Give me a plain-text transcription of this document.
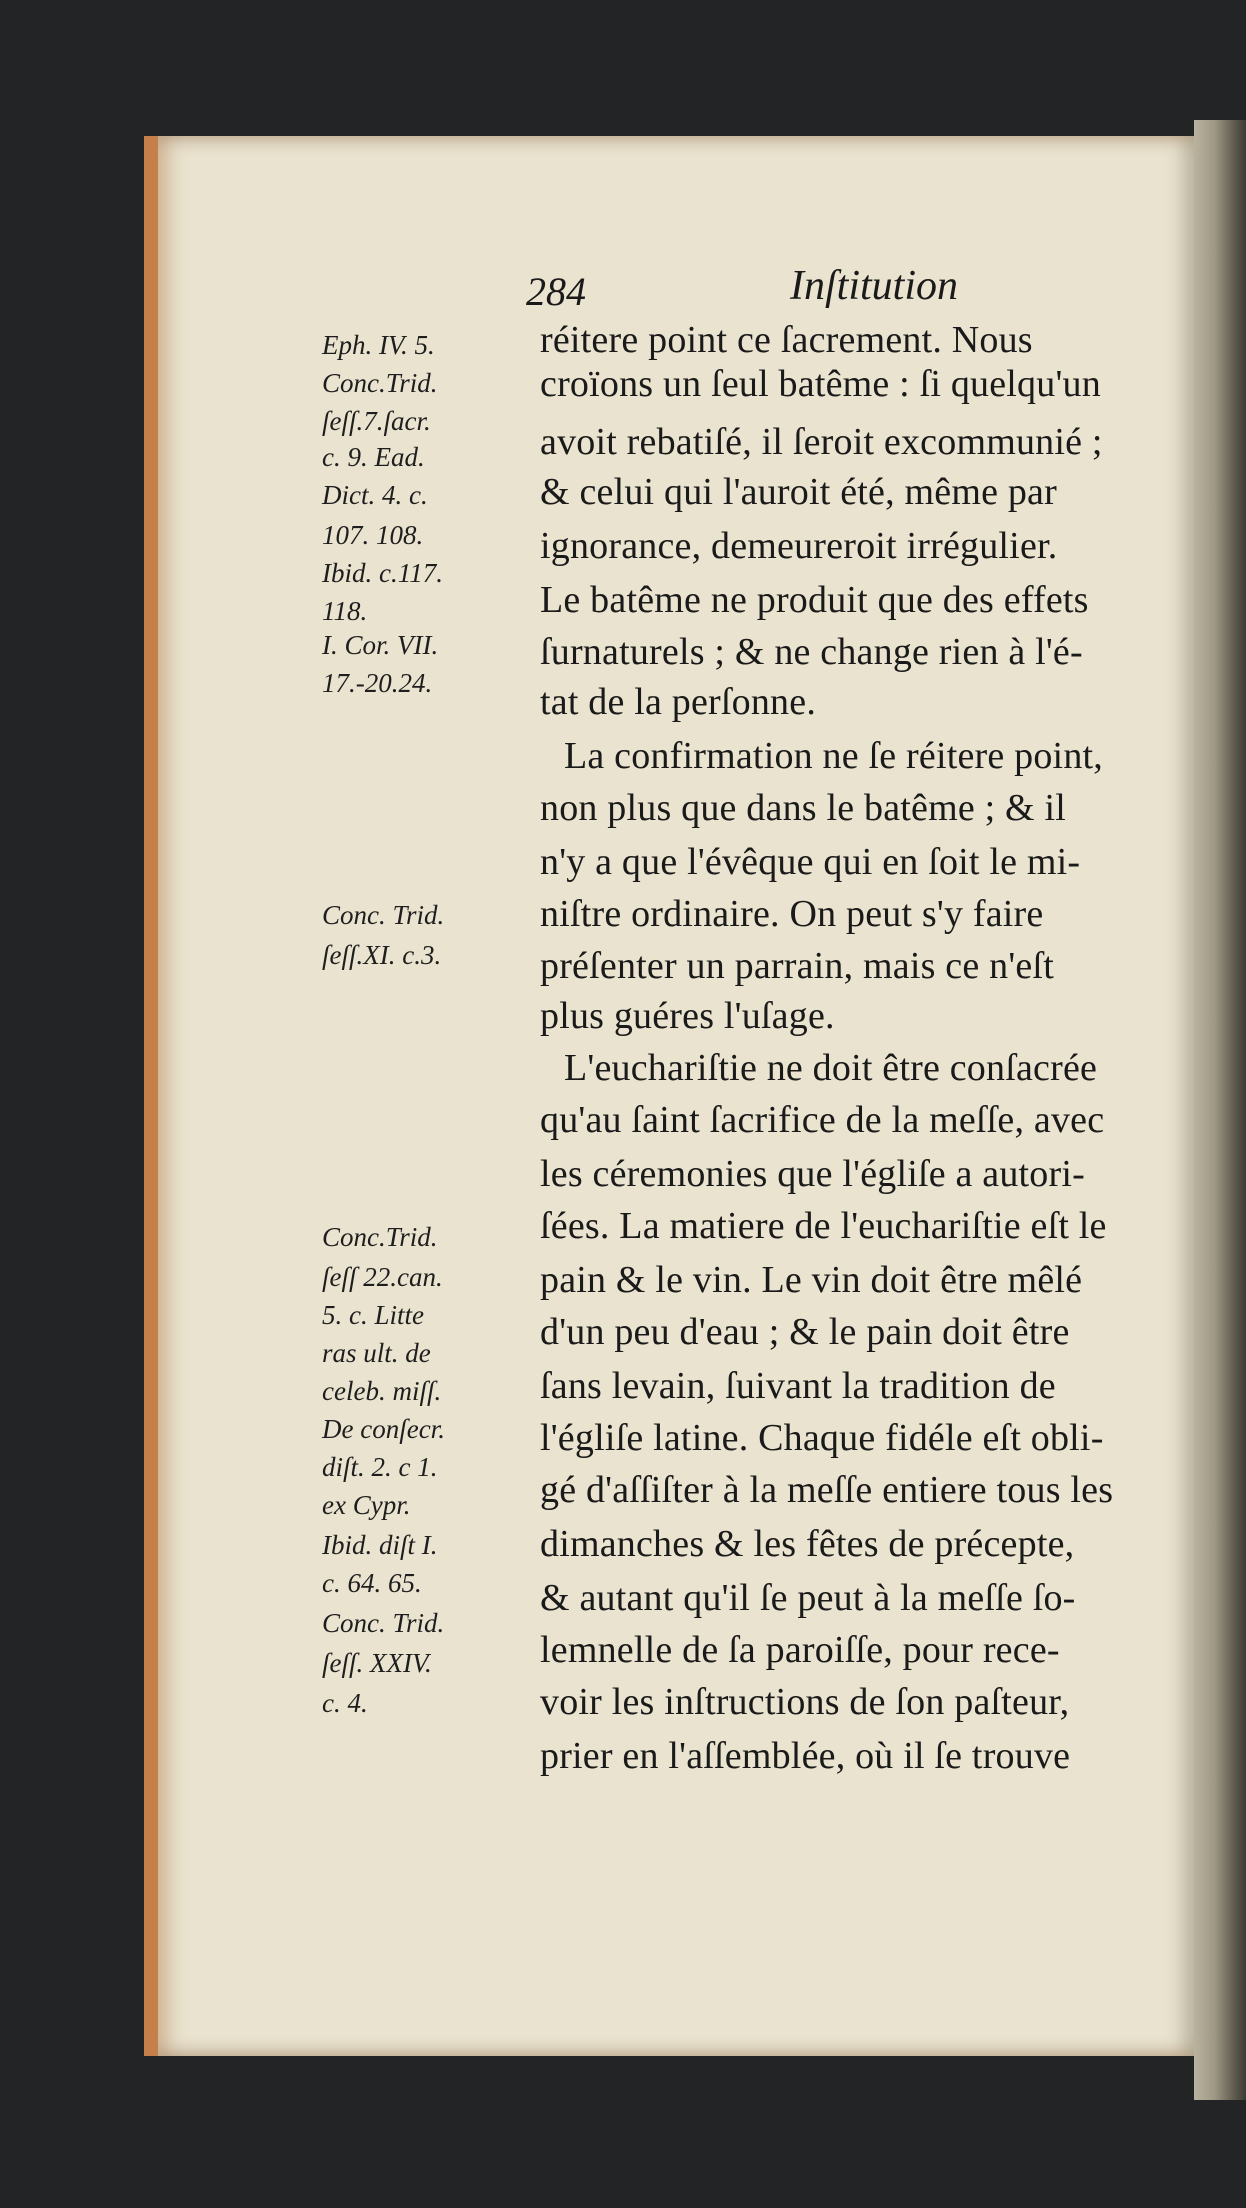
284	Inſtitution
Eph. IV. 5.
Conc.Trid.
ſeſſ.7.ſacr.
c. 9. Ead.
Dict. 4. c.
107. 108.
Ibid. c.117.
118.
I. Cor. VII.
17.-20.24.
Conc. Trid.
ſeſſ.XI. c.3.
Conc.Trid.
ſeſſ 22.can.
5. c. Litte
ras ult. de
celeb. miſſ.
De conſecr.
diſt. 2. c 1.
ex Cypr.
Ibid. diſt I.
c. 64. 65.
Conc. Trid.
ſeſſ. XXIV.
c. 4.
réitere point ce ſacrement. Nous
croïons un ſeul batême : ſi quelqu'un
avoit rebatiſé, il ſeroit excommunié ;
& celui qui l'auroit été, même par
ignorance, demeureroit irrégulier.
Le batême ne produit que des effets
ſurnaturels ; & ne change rien à l'é-
tat de la perſonne.
La confirmation ne ſe réitere point,
non plus que dans le batême ; & il
n'y a que l'évêque qui en ſoit le mi-
niſtre ordinaire. On peut s'y faire
préſenter un parrain, mais ce n'eſt
plus guéres l'uſage.
L'euchariſtie ne doit être conſacrée
qu'au ſaint ſacrifice de la meſſe, avec
les céremonies que l'égliſe a autori-
ſées. La matiere de l'euchariſtie eſt le
pain & le vin. Le vin doit être mêlé
d'un peu d'eau ; & le pain doit être
ſans levain, ſuivant la tradition de
l'égliſe latine. Chaque fidéle eſt obli-
gé d'aſſiſter à la meſſe entiere tous les
dimanches & les fêtes de précepte,
& autant qu'il ſe peut à la meſſe ſo-
lemnelle de ſa paroiſſe, pour rece-
voir les inſtructions de ſon paſteur,
prier en l'aſſemblée, où il ſe trouve
